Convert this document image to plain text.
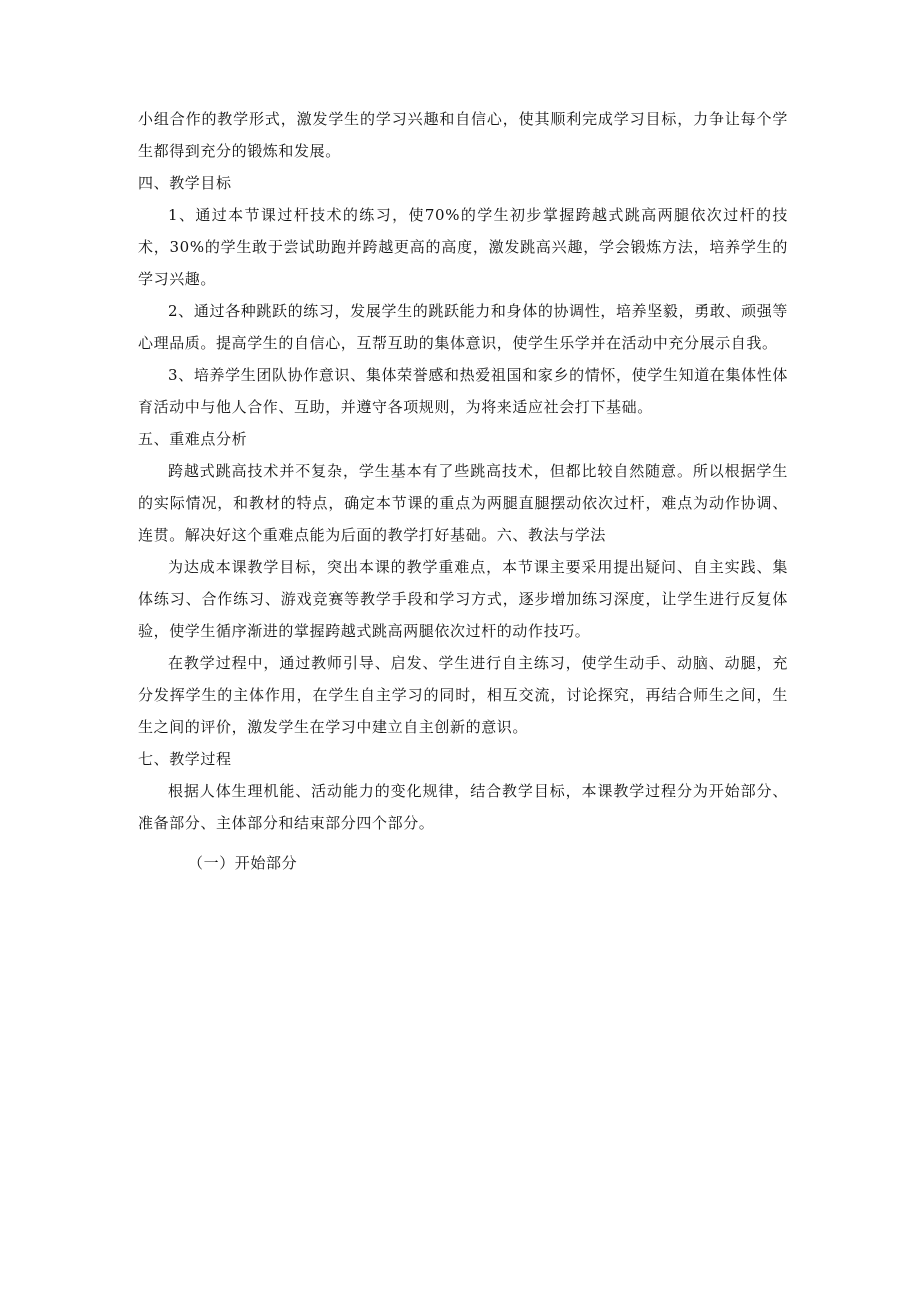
小组合作的教学形式，激发学生的学习兴趣和自信心，使其顺利完成学习目标，力争让每个学生都得到充分的锻炼和发展。

四、教学目标

1、通过本节课过杆技术的练习，使70%的学生初步掌握跨越式跳高两腿依次过杆的技术，30%的学生敢于尝试助跑并跨越更高的高度，激发跳高兴趣，学会锻炼方法，培养学生的学习兴趣。

2、通过各种跳跃的练习，发展学生的跳跃能力和身体的协调性，培养坚毅，勇敢、顽强等心理品质。提高学生的自信心，互帮互助的集体意识，使学生乐学并在活动中充分展示自我。

3、培养学生团队协作意识、集体荣誉感和热爱祖国和家乡的情怀，使学生知道在集体性体育活动中与他人合作、互助，并遵守各项规则，为将来适应社会打下基础。

五、重难点分析

跨越式跳高技术并不复杂，学生基本有了些跳高技术，但都比较自然随意。所以根据学生的实际情况，和教材的特点，确定本节课的重点为两腿直腿摆动依次过杆，难点为动作协调、连贯。解决好这个重难点能为后面的教学打好基础。六、教法与学法

为达成本课教学目标，突出本课的教学重难点，本节课主要采用提出疑问、自主实践、集体练习、合作练习、游戏竞赛等教学手段和学习方式，逐步增加练习深度，让学生进行反复体验，使学生循序渐进的掌握跨越式跳高两腿依次过杆的动作技巧。

在教学过程中，通过教师引导、启发、学生进行自主练习，使学生动手、动脑、动腿，充分发挥学生的主体作用，在学生自主学习的同时，相互交流，讨论探究，再结合师生之间，生生之间的评价，激发学生在学习中建立自主创新的意识。

七、教学过程

根据人体生理机能、活动能力的变化规律，结合教学目标，本课教学过程分为开始部分、准备部分、主体部分和结束部分四个部分。

（一）开始部分
